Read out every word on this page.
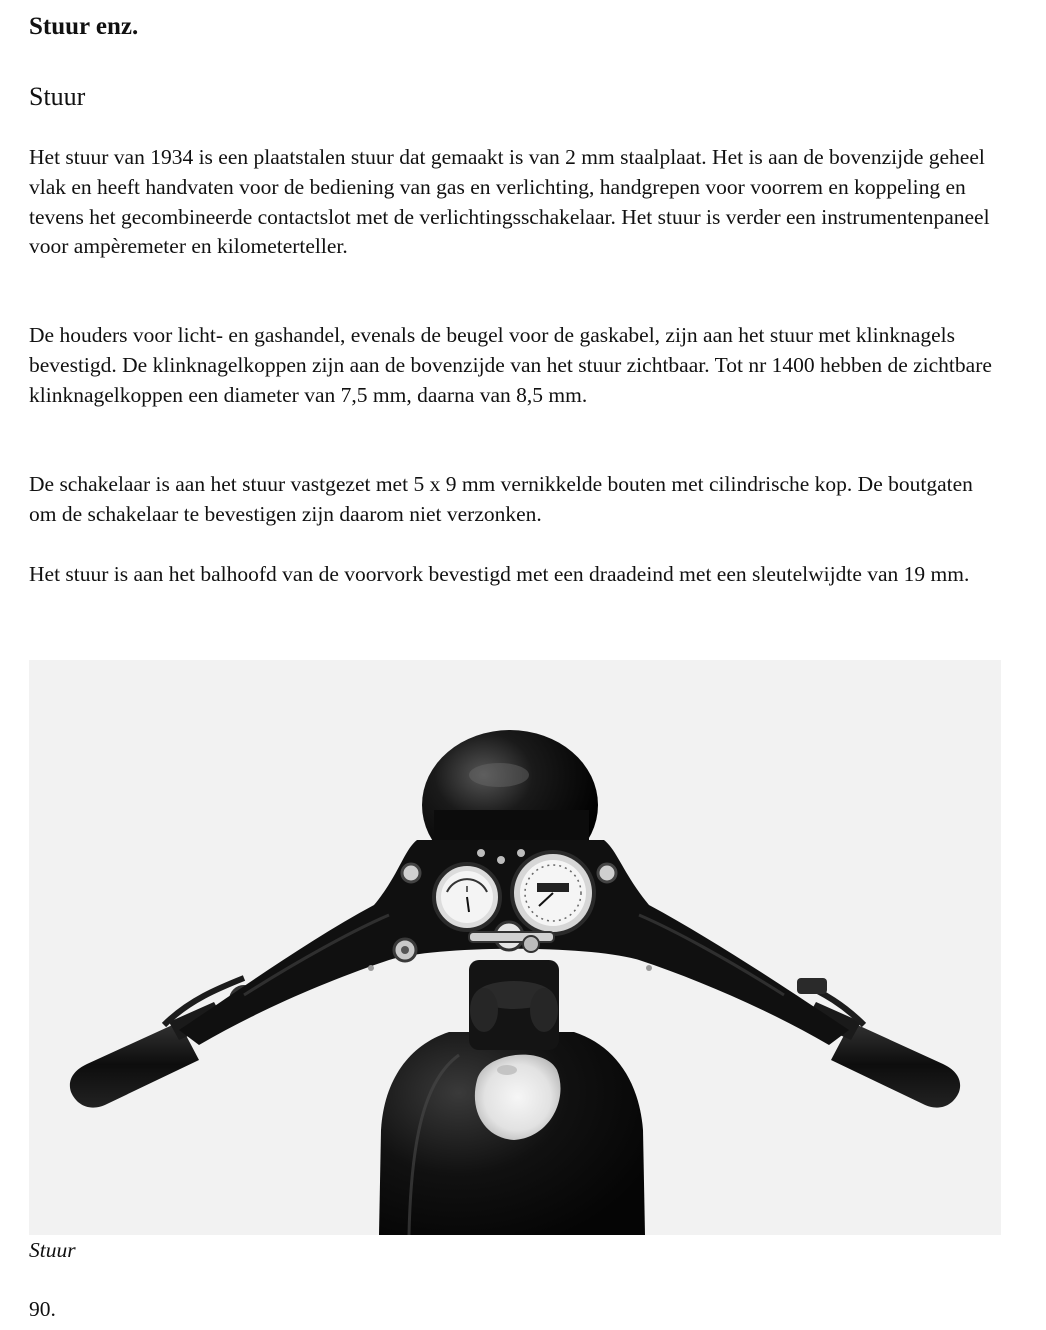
Stuur enz.
Stuur

Het stuur van 1934 is een plaatstalen stuur dat gemaakt is van 2 mm staalplaat. Het is aan de bovenzijde geheel vlak en heeft handvaten voor de bediening van gas en verlichting, handgrepen voor voorrem en koppeling en tevens het gecombineerde contactslot met de verlichtingsschakelaar. Het stuur is verder een instrumentenpaneel voor ampèremeter en kilometerteller.

De houders voor licht- en gashandel, evenals de beugel voor de gaskabel, zijn aan het stuur met klinknagels bevestigd. De klinknagelkoppen zijn aan de bovenzijde van het stuur zichtbaar. Tot nr 1400 hebben de zichtbare klinknagelkoppen een diameter van 7,5 mm, daarna van 8,5 mm.

De schakelaar is aan het stuur vastgezet met 5 x 9 mm vernikkelde bouten met cilindrische kop. De boutgaten om de schakelaar te bevestigen zijn daarom niet verzonken.

Het stuur is aan het balhoofd van de voorvork bevestigd met een draadeind met een sleutelwijdte van 19 mm.

Stuur

90.
